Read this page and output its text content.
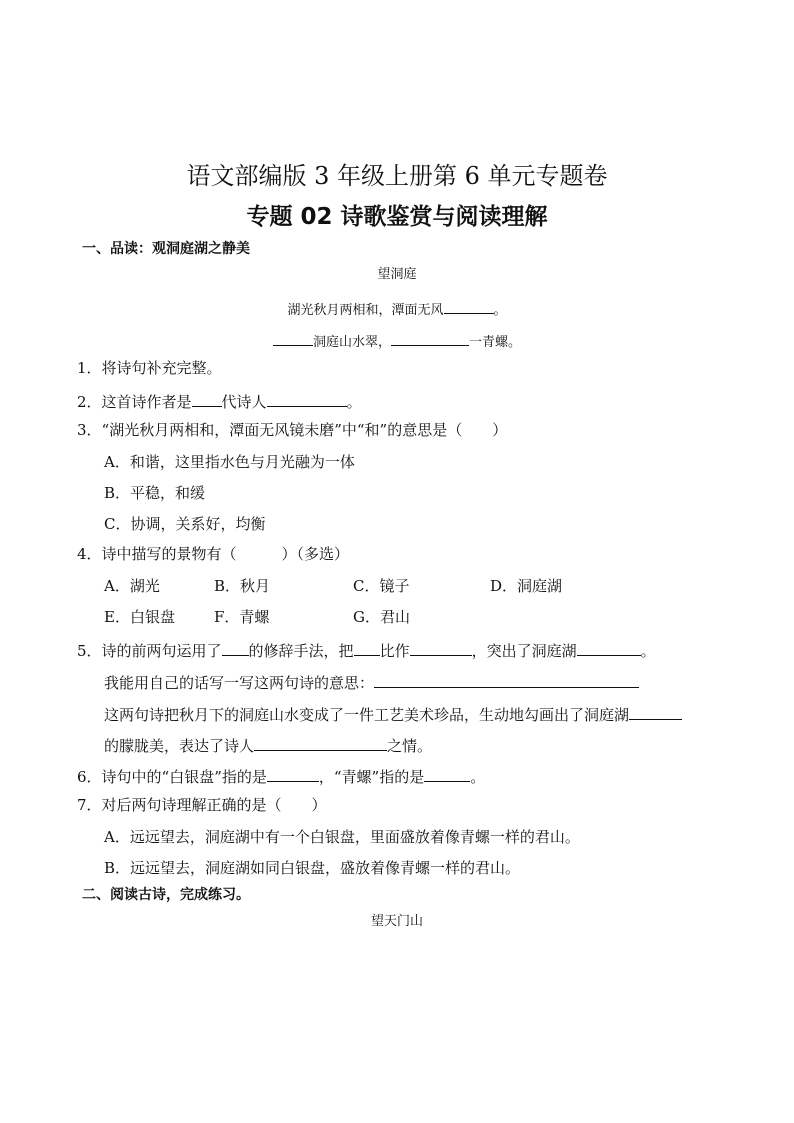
语文部编版 3 年级上册第 6 单元专题卷
专题 02 诗歌鉴赏与阅读理解
一、品读：观洞庭湖之静美
望洞庭
湖光秋月两相和，潭面无风	。
洞庭山水翠，	一青螺。
1．将诗句补充完整。
2．这首诗作者是 代诗人	。
3．“湖光秋月两相和，潭面无风镜未磨”中“和”的意思是（　　）
A．和谐，这里指水色与月光融为一体
B．平稳，和缓
C．协调，关系好，均衡
4．诗中描写的景物有（　　　）（多选）
A．湖光	B．秋月	C．镜子	D．洞庭湖
E．白银盘	F．青螺	G．君山
5．诗的前两句运用了 的修辞手法，把 比作	，突出了洞庭湖	。
我能用自己的话写一写这两句诗的意思：
这两句诗把秋月下的洞庭山水变成了一件工艺美术珍品，生动地勾画出了洞庭湖
的朦胧美，表达了诗人	之情。
6．诗句中的“白银盘”指的是	，“青螺”指的是	。
7．对后两句诗理解正确的是（　　）
A．远远望去，洞庭湖中有一个白银盘，里面盛放着像青螺一样的君山。
B．远远望去，洞庭湖如同白银盘，盛放着像青螺一样的君山。
二、阅读古诗，完成练习。
望天门山
